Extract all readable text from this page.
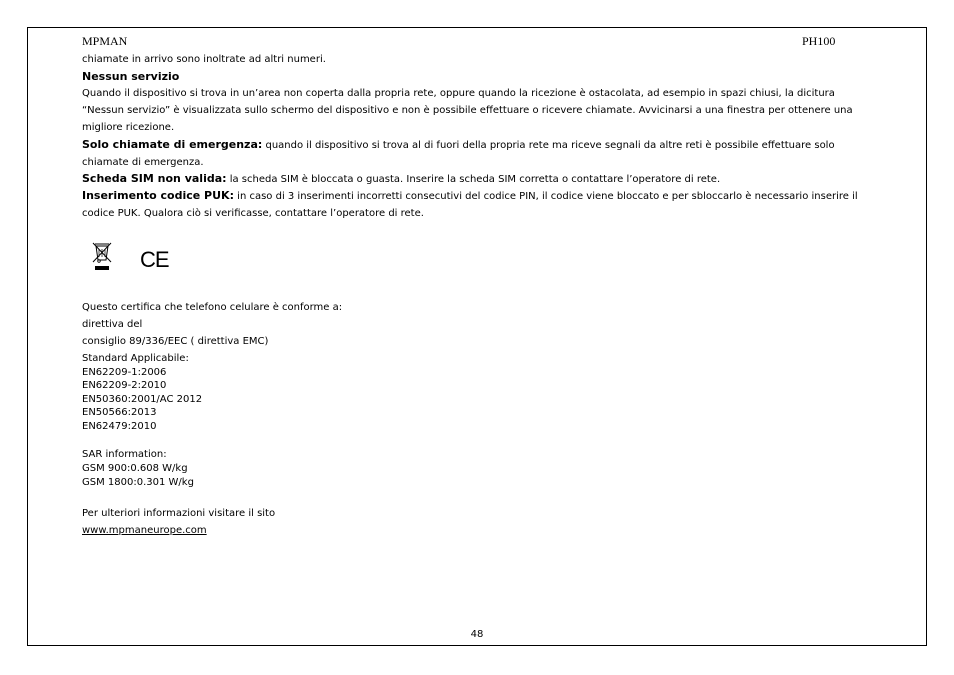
MPMAN	PH100
chiamate in arrivo sono inoltrate ad altri numeri.
Nessun servizio
Quando il dispositivo si trova in un’area non coperta dalla propria rete, oppure quando la ricezione è ostacolata, ad esempio in spazi chiusi, la dicitura “Nessun servizio” è visualizzata sullo schermo del dispositivo e non è possibile effettuare o ricevere chiamate. Avvicinarsi a una finestra per ottenere una migliore ricezione.
Solo chiamate di emergenza: quando il dispositivo si trova al di fuori della propria rete ma riceve segnali da altre reti è possibile effettuare solo chiamate di emergenza.
Scheda SIM non valida: la scheda SIM è bloccata o guasta. Inserire la scheda SIM corretta o contattare l’operatore di rete.
Inserimento codice PUK: in caso di 3 inserimenti incorretti consecutivi del codice PIN, il codice viene bloccato e per sbloccarlo è necessario inserire il codice PUK. Qualora ciò si verificasse, contattare l’operatore di rete.
CE
Questo certifica che telefono celulare è conforme a:
direttiva del
consiglio 89/336/EEC ( direttiva EMC)
Standard Applicabile:
EN62209-1:2006
EN62209-2:2010
EN50360:2001/AC 2012
EN50566:2013
EN62479:2010
SAR information:
GSM 900:0.608 W/kg
GSM 1800:0.301 W/kg
Per ulteriori informazioni visitare il sito
www.mpmaneurope.com
48
